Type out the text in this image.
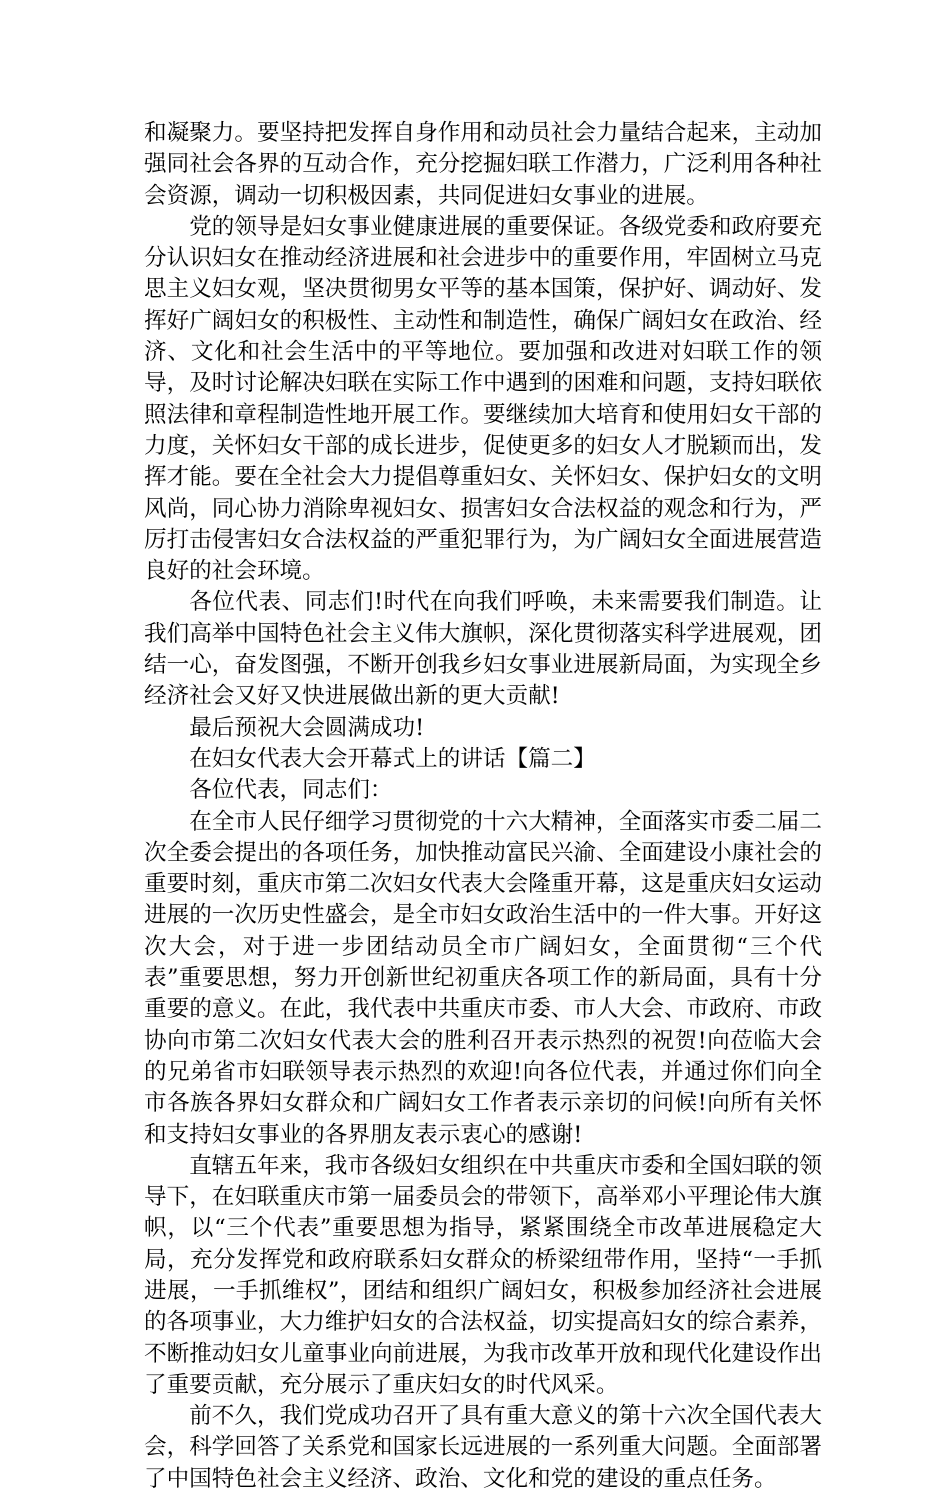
和凝聚力。要坚持把发挥自身作用和动员社会力量结合起来，主动加强同社会各界的互动合作，充分挖掘妇联工作潜力，广泛利用各种社会资源，调动一切积极因素，共同促进妇女事业的进展。

党的领导是妇女事业健康进展的重要保证。各级党委和政府要充分认识妇女在推动经济进展和社会进步中的重要作用，牢固树立马克思主义妇女观，坚决贯彻男女平等的基本国策，保护好、调动好、发挥好广阔妇女的积极性、主动性和制造性，确保广阔妇女在政治、经济、文化和社会生活中的平等地位。要加强和改进对妇联工作的领导，及时讨论解决妇联在实际工作中遇到的困难和问题，支持妇联依照法律和章程制造性地开展工作。要继续加大培育和使用妇女干部的力度，关怀妇女干部的成长进步，促使更多的妇女人才脱颖而出，发挥才能。要在全社会大力提倡尊重妇女、关怀妇女、保护妇女的文明风尚，同心协力消除卑视妇女、损害妇女合法权益的观念和行为，严厉打击侵害妇女合法权益的严重犯罪行为，为广阔妇女全面进展营造良好的社会环境。

各位代表、同志们!时代在向我们呼唤，未来需要我们制造。让我们高举中国特色社会主义伟大旗帜，深化贯彻落实科学进展观，团结一心，奋发图强，不断开创我乡妇女事业进展新局面，为实现全乡经济社会又好又快进展做出新的更大贡献!

最后预祝大会圆满成功!

在妇女代表大会开幕式上的讲话【篇二】

各位代表，同志们：

在全市人民仔细学习贯彻党的十六大精神，全面落实市委二届二次全委会提出的各项任务，加快推动富民兴渝、全面建设小康社会的重要时刻，重庆市第二次妇女代表大会隆重开幕，这是重庆妇女运动进展的一次历史性盛会，是全市妇女政治生活中的一件大事。开好这次大会，对于进一步团结动员全市广阔妇女，全面贯彻“三个代表”重要思想，努力开创新世纪初重庆各项工作的新局面，具有十分重要的意义。在此，我代表中共重庆市委、市人大会、市政府、市政协向市第二次妇女代表大会的胜利召开表示热烈的祝贺!向莅临大会的兄弟省市妇联领导表示热烈的欢迎!向各位代表，并通过你们向全市各族各界妇女群众和广阔妇女工作者表示亲切的问候!向所有关怀和支持妇女事业的各界朋友表示衷心的感谢!

直辖五年来，我市各级妇女组织在中共重庆市委和全国妇联的领导下，在妇联重庆市第一届委员会的带领下，高举邓小平理论伟大旗帜，以“三个代表”重要思想为指导，紧紧围绕全市改革进展稳定大局，充分发挥党和政府联系妇女群众的桥梁纽带作用，坚持“一手抓进展，一手抓维权”，团结和组织广阔妇女，积极参加经济社会进展的各项事业，大力维护妇女的合法权益，切实提高妇女的综合素养，不断推动妇女儿童事业向前进展，为我市改革开放和现代化建设作出了重要贡献，充分展示了重庆妇女的时代风采。

前不久，我们党成功召开了具有重大意义的第十六次全国代表大会，科学回答了关系党和国家长远进展的一系列重大问题。全面部署了中国特色社会主义经济、政治、文化和党的建设的重点任务。
